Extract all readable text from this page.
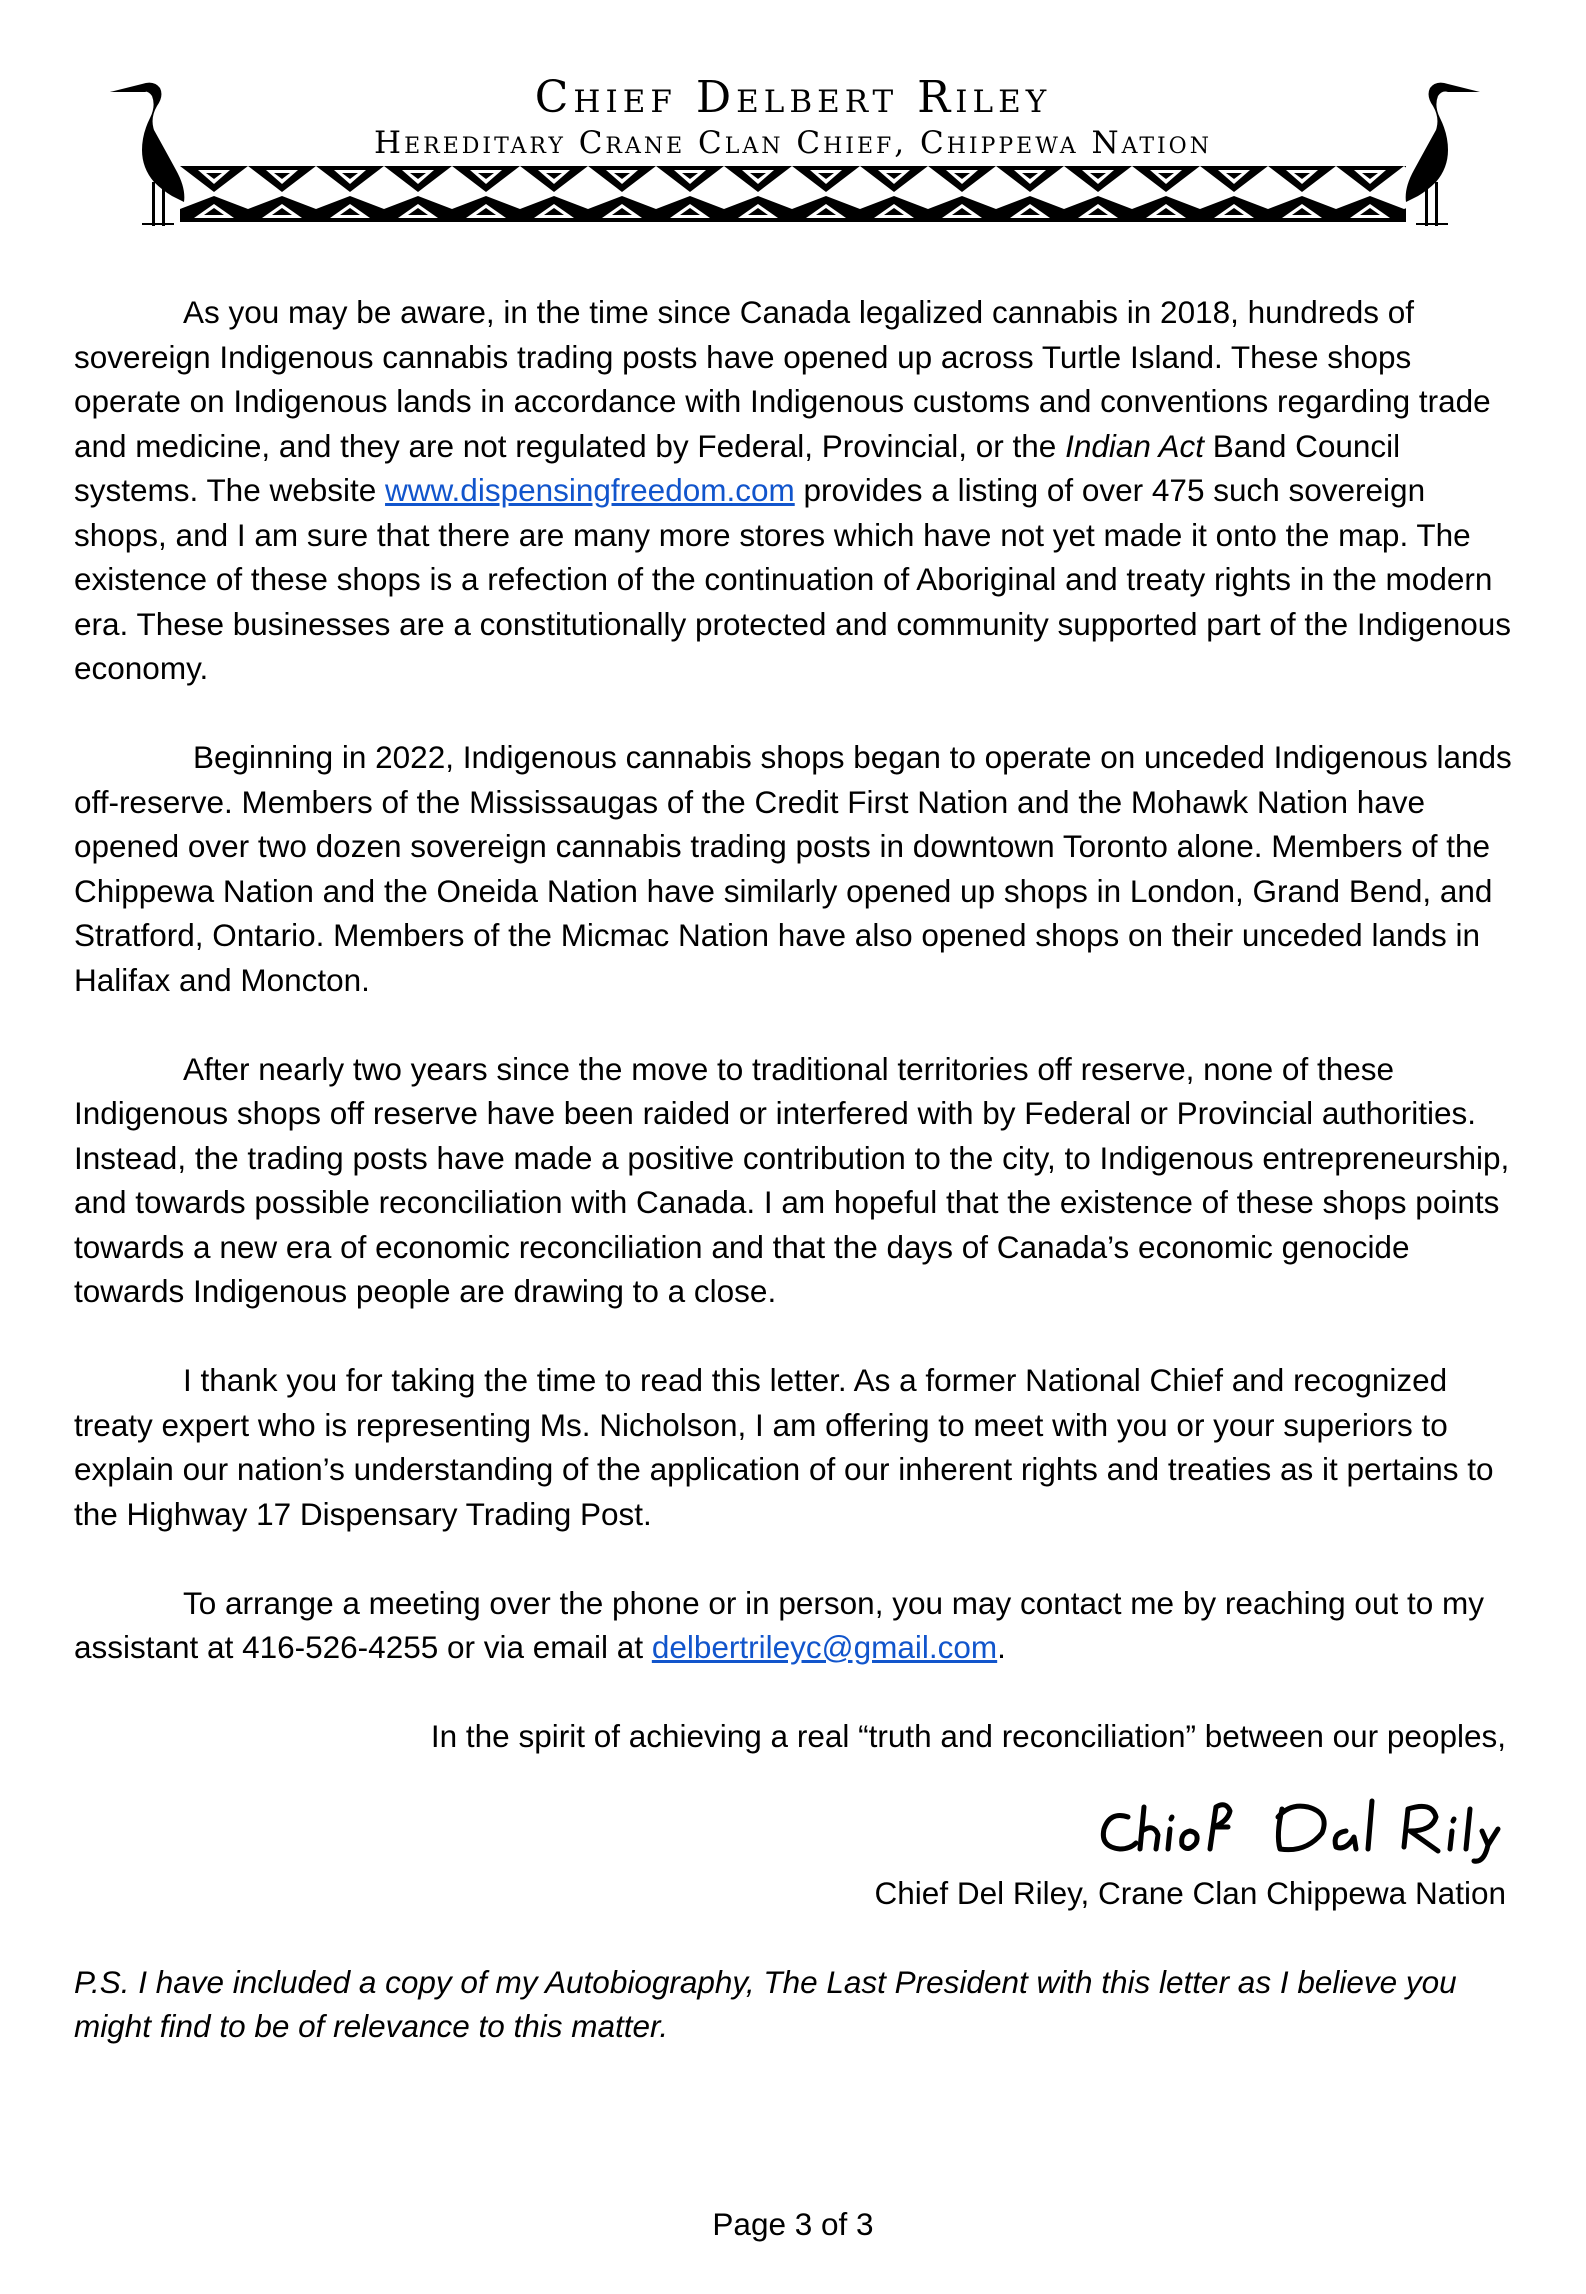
Chief Delbert Riley
Hereditary Crane Clan Chief, Chippewa Nation

As you may be aware, in the time since Canada legalized cannabis in 2018, hundreds of sovereign Indigenous cannabis trading posts have opened up across Turtle Island. These shops operate on Indigenous lands in accordance with Indigenous customs and conventions regarding trade and medicine, and they are not regulated by Federal, Provincial, or the Indian Act Band Council systems. The website www.dispensingfreedom.com provides a listing of over 475 such sovereign shops, and I am sure that there are many more stores which have not yet made it onto the map. The existence of these shops is a refection of the continuation of Aboriginal and treaty rights in the modern era. These businesses are a constitutionally protected and community supported part of the Indigenous economy.

Beginning in 2022, Indigenous cannabis shops began to operate on unceded Indigenous lands off-reserve. Members of the Mississaugas of the Credit First Nation and the Mohawk Nation have opened over two dozen sovereign cannabis trading posts in downtown Toronto alone. Members of the Chippewa Nation and the Oneida Nation have similarly opened up shops in London, Grand Bend, and Stratford, Ontario. Members of the Micmac Nation have also opened shops on their unceded lands in Halifax and Moncton.

After nearly two years since the move to traditional territories off reserve, none of these Indigenous shops off reserve have been raided or interfered with by Federal or Provincial authorities. Instead, the trading posts have made a positive contribution to the city, to Indigenous entrepreneurship, and towards possible reconciliation with Canada. I am hopeful that the existence of these shops points towards a new era of economic reconciliation and that the days of Canada’s economic genocide towards Indigenous people are drawing to a close.

I thank you for taking the time to read this letter. As a former National Chief and recognized treaty expert who is representing Ms. Nicholson, I am offering to meet with you or your superiors to explain our nation’s understanding of the application of our inherent rights and treaties as it pertains to the Highway 17 Dispensary Trading Post.

To arrange a meeting over the phone or in person, you may contact me by reaching out to my assistant at 416-526-4255 or via email at delbertrileyc@gmail.com.

In the spirit of achieving a real “truth and reconciliation” between our peoples,

Chief Del Riley, Crane Clan Chippewa Nation

P.S. I have included a copy of my Autobiography, The Last President with this letter as I believe you might find to be of relevance to this matter.

Page 3 of 3
